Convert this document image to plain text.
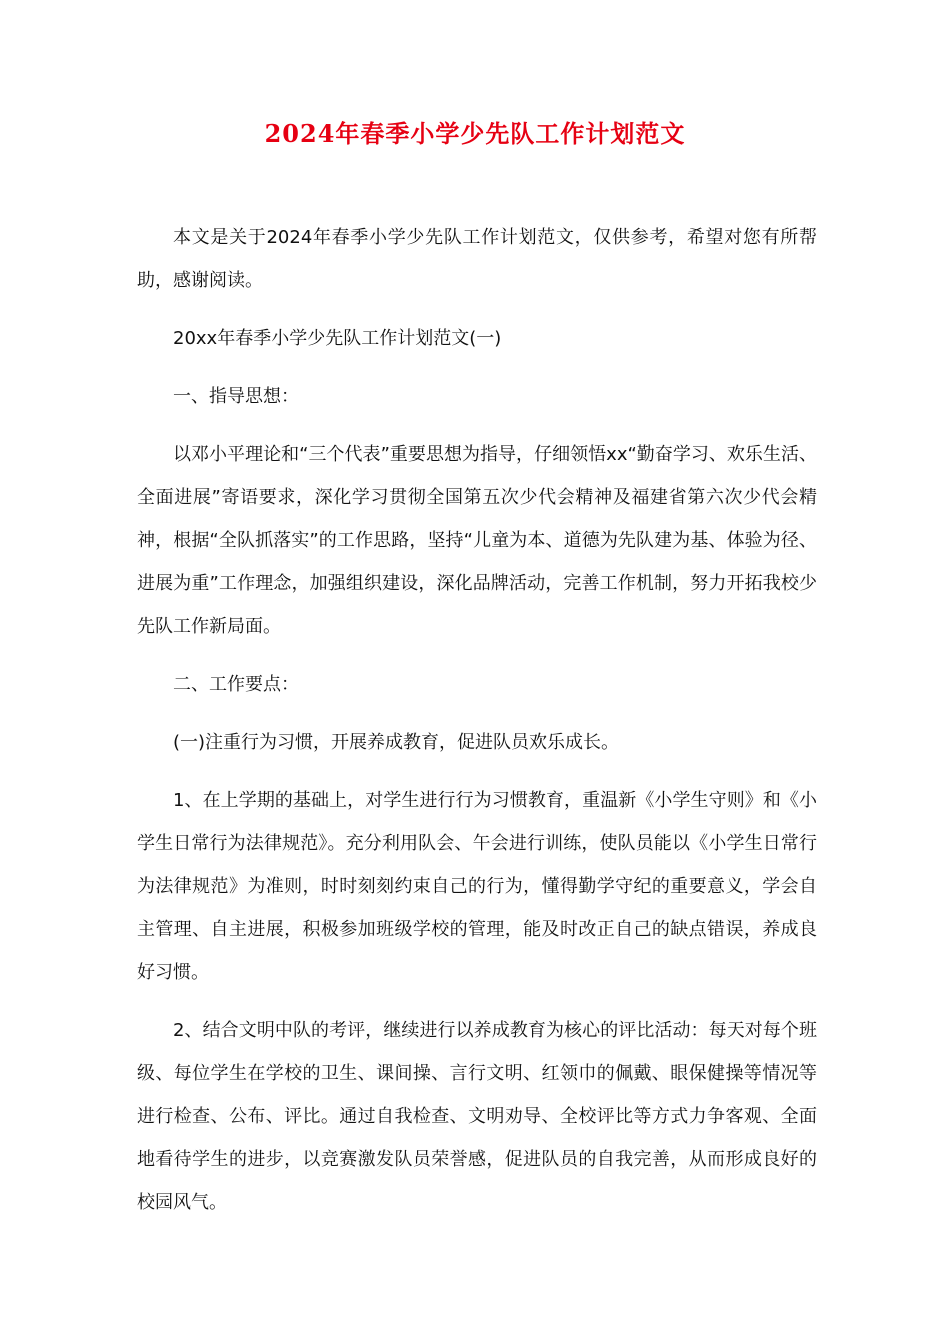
2024年春季小学少先队工作计划范文

本文是关于2024年春季小学少先队工作计划范文，仅供参考，希望对您有所帮助，感谢阅读。

20xx年春季小学少先队工作计划范文(一)

一、指导思想：

以邓小平理论和“三个代表”重要思想为指导，仔细领悟xx“勤奋学习、欢乐生活、全面进展”寄语要求，深化学习贯彻全国第五次少代会精神及福建省第六次少代会精神，根据“全队抓落实”的工作思路，坚持“儿童为本、道德为先队建为基、体验为径、进展为重”工作理念，加强组织建设，深化品牌活动，完善工作机制，努力开拓我校少先队工作新局面。

二、工作要点：

(一)注重行为习惯，开展养成教育，促进队员欢乐成长。

1、在上学期的基础上，对学生进行行为习惯教育，重温新《小学生守则》和《小学生日常行为法律规范》。充分利用队会、午会进行训练，使队员能以《小学生日常行为法律规范》为准则，时时刻刻约束自己的行为，懂得勤学守纪的重要意义，学会自主管理、自主进展，积极参加班级学校的管理，能及时改正自己的缺点错误，养成良好习惯。

2、结合文明中队的考评，继续进行以养成教育为核心的评比活动：每天对每个班级、每位学生在学校的卫生、课间操、言行文明、红领巾的佩戴、眼保健操等情况等进行检查、公布、评比。通过自我检查、文明劝导、全校评比等方式力争客观、全面地看待学生的进步，以竞赛激发队员荣誉感，促进队员的自我完善，从而形成良好的校园风气。
